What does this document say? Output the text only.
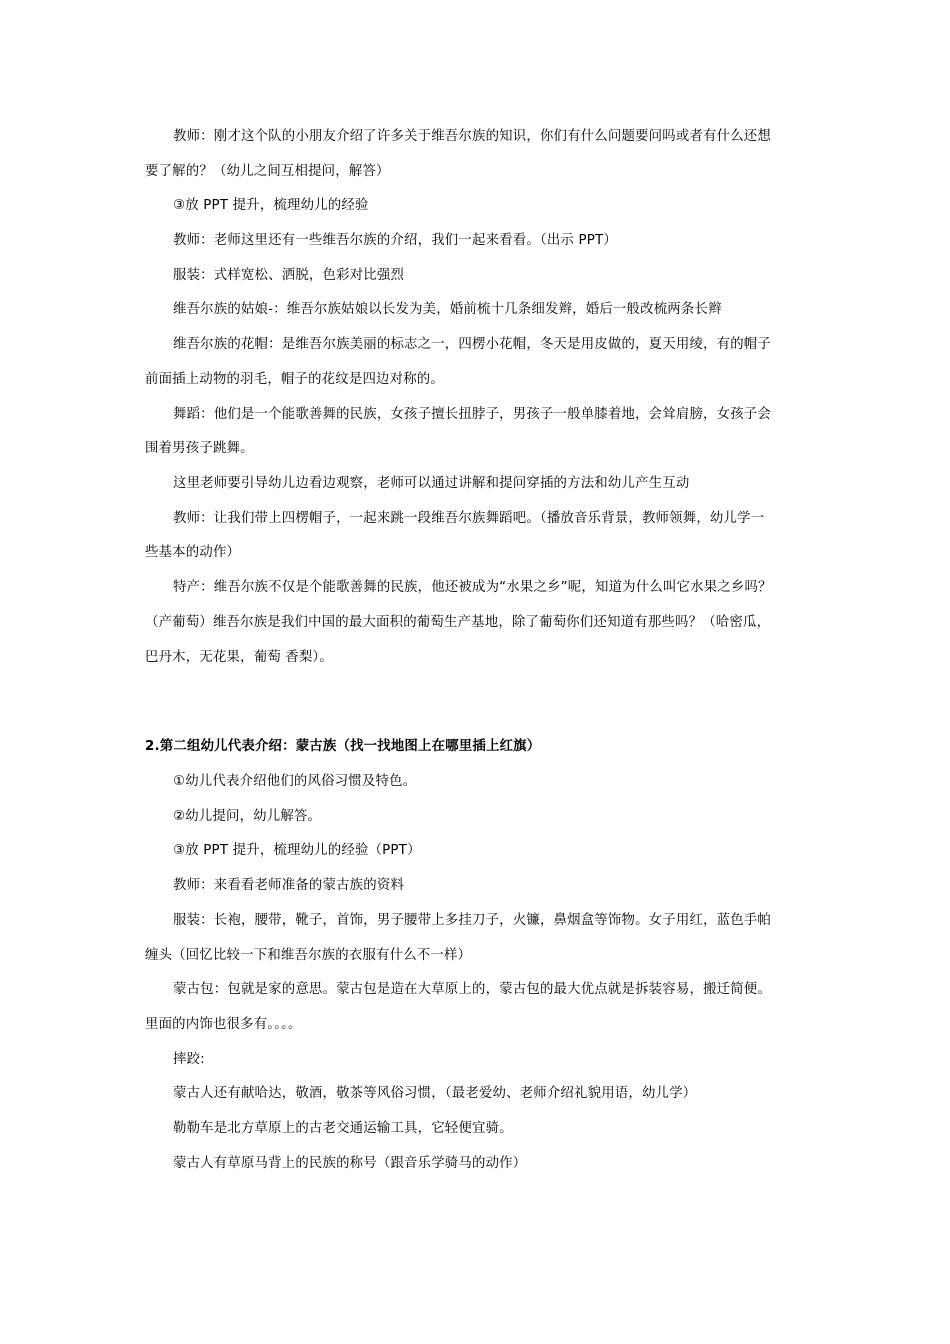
教师：刚才这个队的小朋友介绍了许多关于维吾尔族的知识，你们有什么问题要问吗或者有什么还想
要了解的？（幼儿之间互相提问，解答）
③放 PPT 提升，梳理幼儿的经验
教师：老师这里还有一些维吾尔族的介绍，我们一起来看看。（出示 PPT）
服装：式样宽松、洒脱，色彩对比强烈
维吾尔族的姑娘-：维吾尔族姑娘以长发为美，婚前梳十几条细发辫，婚后一般改梳两条长辫
维吾尔族的花帽：是维吾尔族美丽的标志之一，四楞小花帽，冬天是用皮做的，夏天用绫，有的帽子
前面插上动物的羽毛，帽子的花纹是四边对称的。
舞蹈：他们是一个能歌善舞的民族，女孩子擅长扭脖子，男孩子一般单膝着地，会耸肩膀，女孩子会
围着男孩子跳舞。
这里老师要引导幼儿边看边观察，老师可以通过讲解和提问穿插的方法和幼儿产生互动
教师：让我们带上四楞帽子，一起来跳一段维吾尔族舞蹈吧。（播放音乐背景，教师领舞，幼儿学一
些基本的动作）
特产：维吾尔族不仅是个能歌善舞的民族，他还被成为“水果之乡”呢，知道为什么叫它水果之乡吗？
（产葡萄）维吾尔族是我们中国的最大面积的葡萄生产基地，除了葡萄你们还知道有那些吗？（哈密瓜，
巴丹木，无花果，葡萄 香梨）。
2.第二组幼儿代表介绍：蒙古族（找一找地图上在哪里插上红旗）
①幼儿代表介绍他们的风俗习惯及特色。
②幼儿提问，幼儿解答。
③放 PPT 提升，梳理幼儿的经验（PPT）
教师：来看看老师准备的蒙古族的资料
服装：长袍，腰带，靴子，首饰，男子腰带上多挂刀子，火镰，鼻烟盒等饰物。女子用红，蓝色手帕
缠头（回忆比较一下和维吾尔族的衣服有什么不一样）
蒙古包：包就是家的意思。蒙古包是造在大草原上的，蒙古包的最大优点就是拆装容易，搬迁简便。
里面的内饰也很多有。。。。
摔跤:
蒙古人还有献哈达，敬酒，敬茶等风俗习惯，（最老爱幼、老师介绍礼貌用语，幼儿学）
勒勒车是北方草原上的古老交通运输工具，它轻便宜骑。
蒙古人有草原马背上的民族的称号（跟音乐学骑马的动作）
